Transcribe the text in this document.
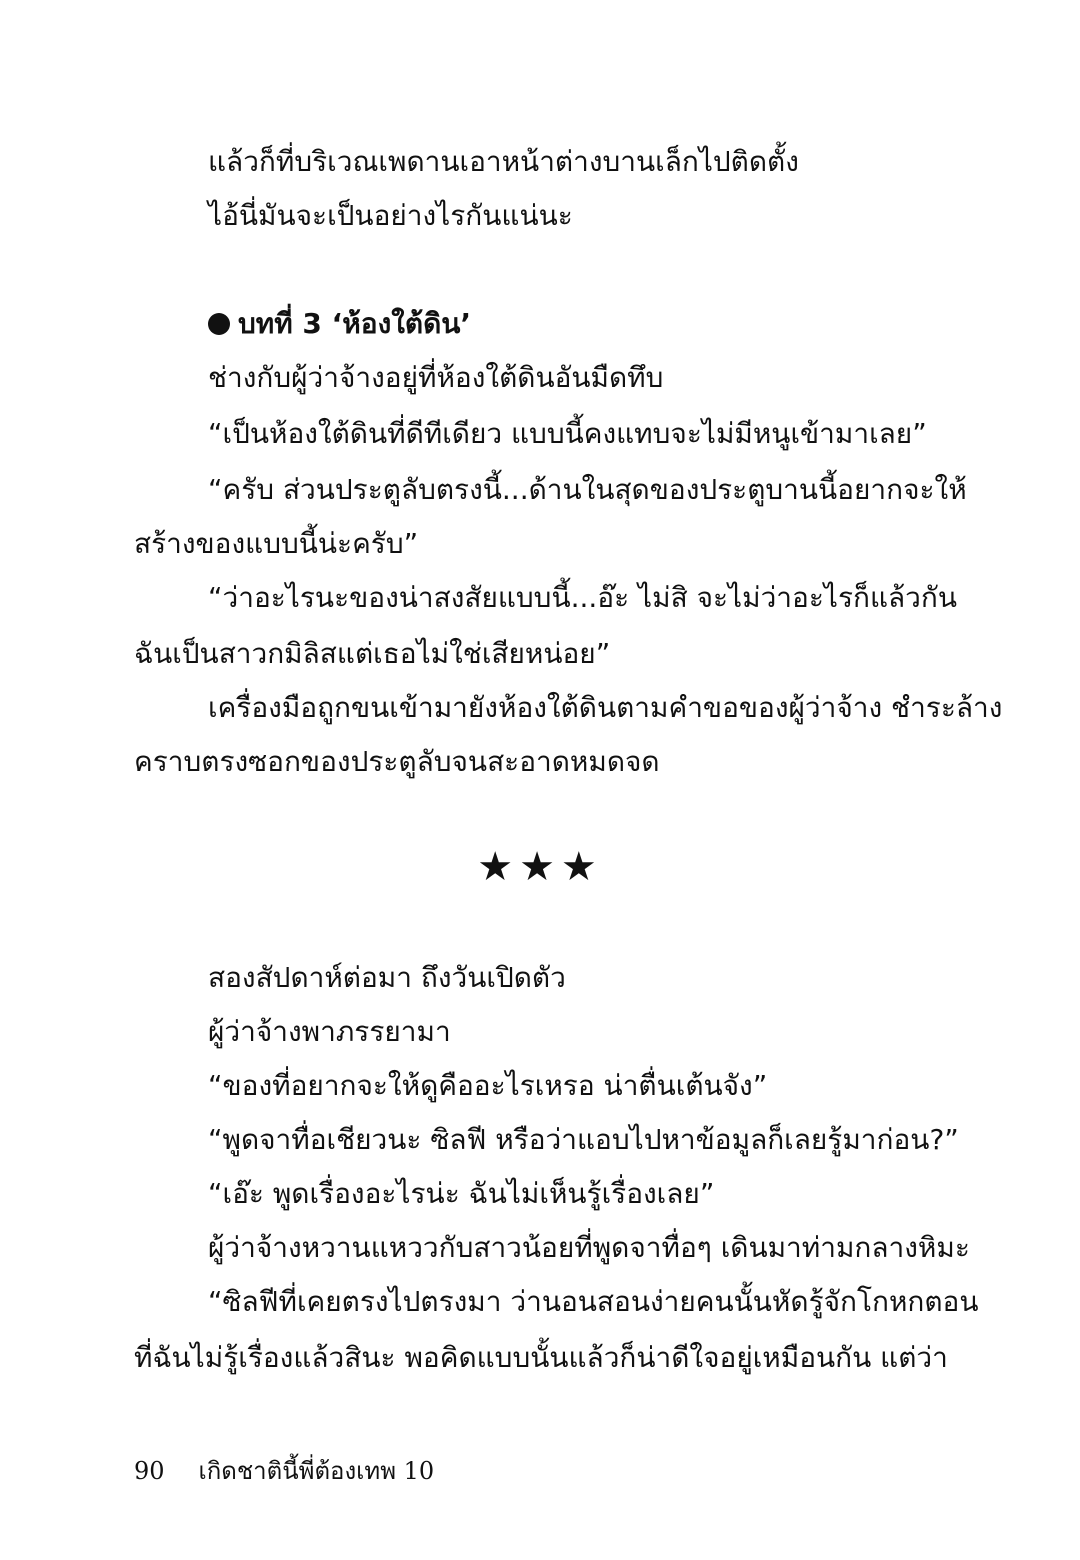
แล้วก็ที่บริเวณเพดานเอาหน้าต่างบานเล็กไปติดตั้ง
ไอ้นี่มันจะเป็นอย่างไรกันแน่นะ
บทที่ 3 ‘ห้องใต้ดิน’
ช่างกับผู้ว่าจ้างอยู่ที่ห้องใต้ดินอันมืดทึบ
“เป็นห้องใต้ดินที่ดีทีเดียว แบบนี้คงแทบจะไม่มีหนูเข้ามาเลย”
“ครับ ส่วนประตูลับตรงนี้...ด้านในสุดของประตูบานนี้อยากจะให้
สร้างของแบบนี้น่ะครับ”
“ว่าอะไรนะของน่าสงสัยแบบนี้...อ๊ะ ไม่สิ จะไม่ว่าอะไรก็แล้วกัน
ฉันเป็นสาวกมิลิสแต่เธอไม่ใช่เสียหน่อย”
เครื่องมือถูกขนเข้ามายังห้องใต้ดินตามคำขอของผู้ว่าจ้าง ชำระล้าง
คราบตรงซอกของประตูลับจนสะอาดหมดจด
★★★
สองสัปดาห์ต่อมา ถึงวันเปิดตัว
ผู้ว่าจ้างพาภรรยามา
“ของที่อยากจะให้ดูคืออะไรเหรอ น่าตื่นเต้นจัง”
“พูดจาทื่อเชียวนะ ซิลฟี หรือว่าแอบไปหาข้อมูลก็เลยรู้มาก่อน?”
“เอ๊ะ พูดเรื่องอะไรน่ะ ฉันไม่เห็นรู้เรื่องเลย”
ผู้ว่าจ้างหวานแหววกับสาวน้อยที่พูดจาทื่อๆ เดินมาท่ามกลางหิมะ
“ซิลฟีที่เคยตรงไปตรงมา ว่านอนสอนง่ายคนนั้นหัดรู้จักโกหกตอน
ที่ฉันไม่รู้เรื่องแล้วสินะ พอคิดแบบนั้นแล้วก็น่าดีใจอยู่เหมือนกัน แต่ว่า
90 เกิดชาตินี้พี่ต้องเทพ 10
